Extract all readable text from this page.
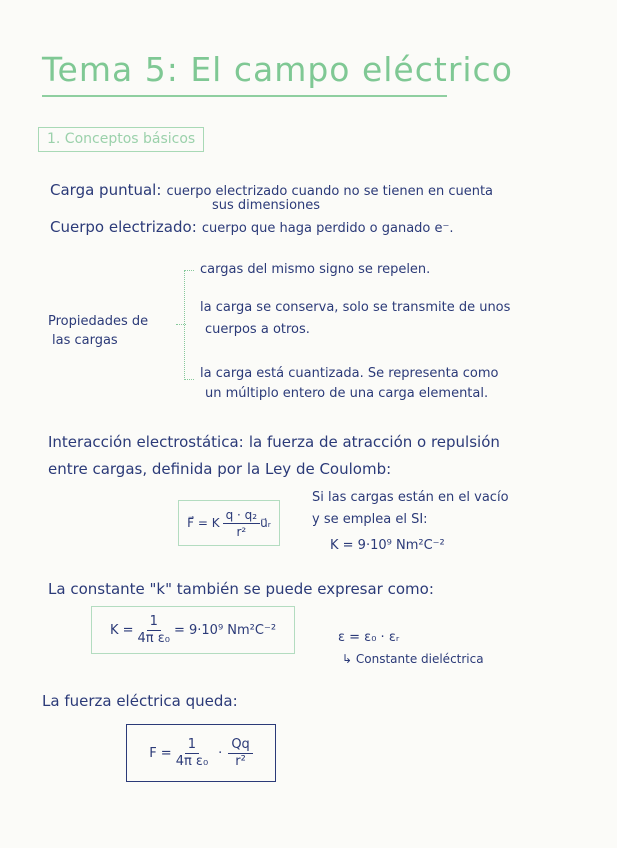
Tema 5: El campo eléctrico
1. Conceptos básicos
Carga puntual: cuerpo electrizado cuando no se tienen en cuenta
sus dimensiones
Cuerpo electrizado: cuerpo que haga perdido o ganado e⁻.
Propiedades de
las cargas
cargas del mismo signo se repelen.
la carga se conserva, solo se transmite de unos
cuerpos a otros.
la carga está cuantizada. Se representa como
un múltiplo entero de una carga elemental.
Interacción electrostática: la fuerza de atracción o repulsión
entre cargas, definida por la Ley de Coulomb:
F⃗ = K $\frac{\text{q · q₂}}{\text{r²}}$ u⃗ᵣ
Si las cargas están en el vacío
y se emplea el SI:
K = 9·10⁹ Nm²C⁻²
La constante "k" también se puede expresar como:
$K = \frac{1}{\text{4π ε₀}} = 9\cdot 10^9$ Nm²C⁻²	ε = ε₀ · εᵣ
↳ Constante dieléctrica
La fuerza eléctrica queda:
$F = \frac{1}{\text{4π ε₀}} \cdot \frac{Qq}{\text{r²}}$
